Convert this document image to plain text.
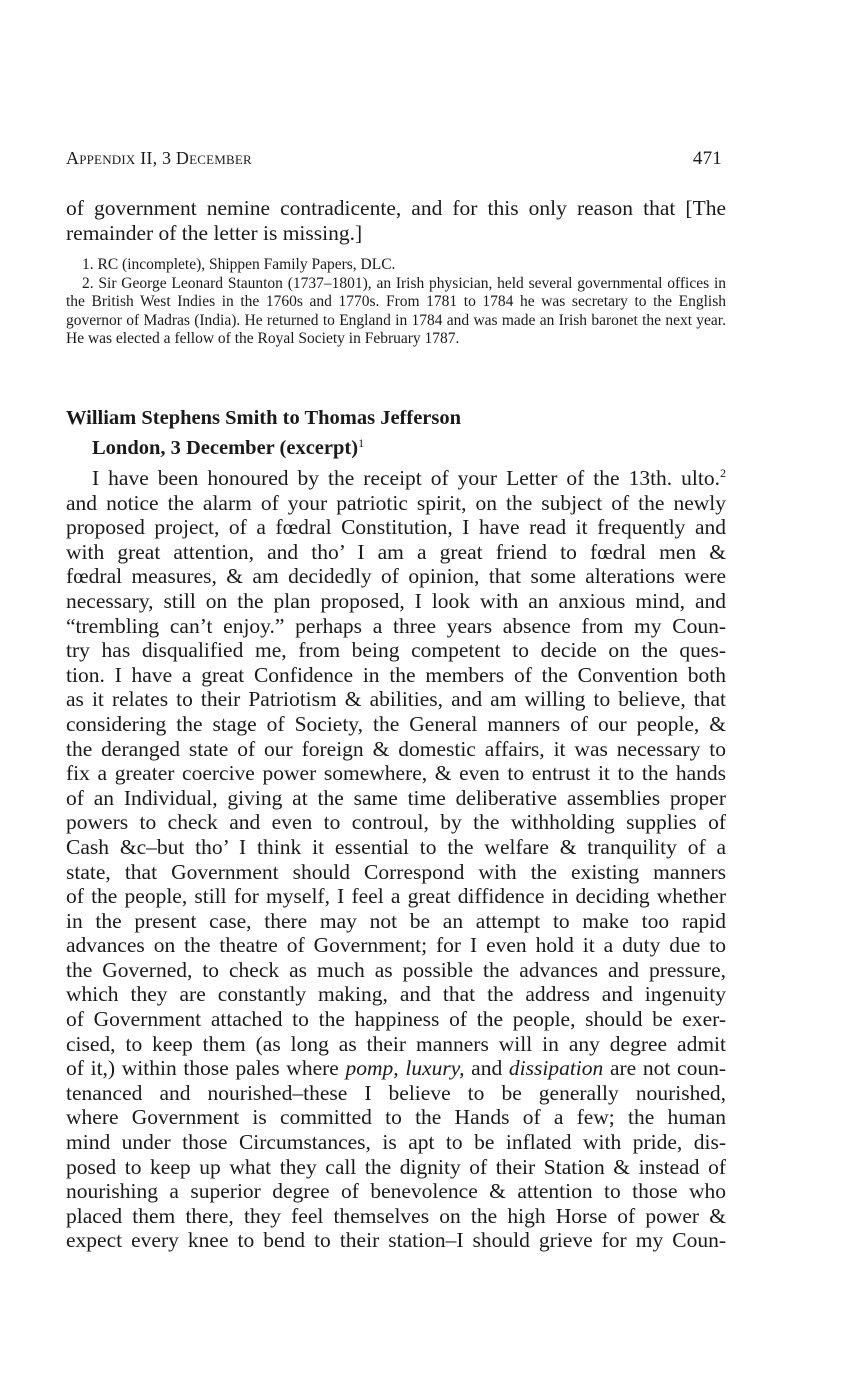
Appendix II, 3 December	471

of government nemine contradicente, and for this only reason that [The remainder of the letter is missing.]

1. RC (incomplete), Shippen Family Papers, DLC.

2. Sir George Leonard Staunton (1737–1801), an Irish physician, held several governmental offices in the British West Indies in the 1760s and 1770s. From 1781 to 1784 he was secretary to the English governor of Madras (India). He returned to England in 1784 and was made an Irish baronet the next year. He was elected a fellow of the Royal Society in February 1787.

William Stephens Smith to Thomas Jefferson
London, 3 December (excerpt)$^1$
I have been honoured by the receipt of your Letter of the 13th. ulto.$^2$
and notice the alarm of your patriotic spirit, on the subject of the newly
proposed project, of a fœdral Constitution, I have read it frequently and
with great attention, and tho’ I am a great friend to fœdral men &
fœdral measures, & am decidedly of opinion, that some alterations were
necessary, still on the plan proposed, I look with an anxious mind, and
“trembling can’t enjoy.” perhaps a three years absence from my Coun-
try has disqualified me, from being competent to decide on the ques-
tion. I have a great Confidence in the members of the Convention both
as it relates to their Patriotism & abilities, and am willing to believe, that
considering the stage of Society, the General manners of our people, &
the deranged state of our foreign & domestic affairs, it was necessary to
fix a greater coercive power somewhere, & even to entrust it to the hands
of an Individual, giving at the same time deliberative assemblies proper
powers to check and even to controul, by the withholding supplies of
Cash &c–but tho’ I think it essential to the welfare & tranquility of a
state, that Government should Correspond with the existing manners
of the people, still for myself, I feel a great diffidence in deciding whether
in the present case, there may not be an attempt to make too rapid
advances on the theatre of Government; for I even hold it a duty due to
the Governed, to check as much as possible the advances and pressure,
which they are constantly making, and that the address and ingenuity
of Government attached to the happiness of the people, should be exer-
cised, to keep them (as long as their manners will in any degree admit
of it,) within those pales where pomp, luxury, and dissipation are not coun-
tenanced and nourished–these I believe to be generally nourished,
where Government is committed to the Hands of a few; the human
mind under those Circumstances, is apt to be inflated with pride, dis-
posed to keep up what they call the dignity of their Station & instead of
nourishing a superior degree of benevolence & attention to those who
placed them there, they feel themselves on the high Horse of power &
expect every knee to bend to their station–I should grieve for my Coun-
